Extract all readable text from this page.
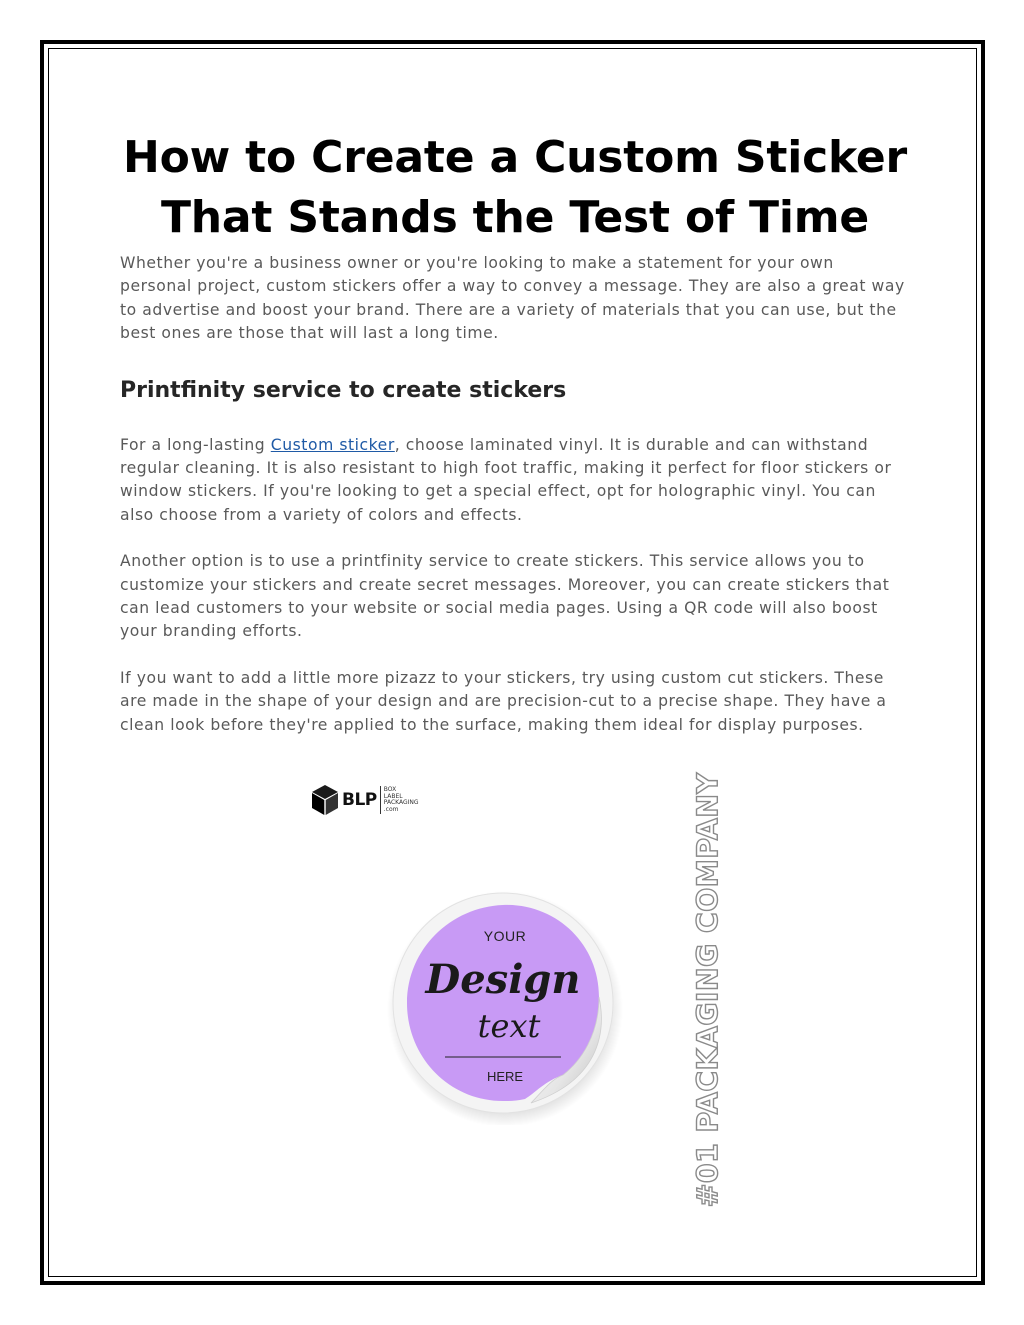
How to Create a Custom Sticker
That Stands the Test of Time

Whether you're a business owner or you're looking to make a statement for your own personal project, custom stickers offer a way to convey a message. They are also a great way to advertise and boost your brand. There are a variety of materials that you can use, but the best ones are those that will last a long time.

Printfinity service to create stickers

For a long-lasting Custom sticker, choose laminated vinyl. It is durable and can withstand regular cleaning. It is also resistant to high foot traffic, making it perfect for floor stickers or window stickers. If you're looking to get a special effect, opt for holographic vinyl. You can also choose from a variety of colors and effects.

Another option is to use a printfinity service to create stickers. This service allows you to customize your stickers and create secret messages. Moreover, you can create stickers that can lead customers to your website or social media pages. Using a QR code will also boost your branding efforts.

If you want to add a little more pizazz to your stickers, try using custom cut stickers. These are made in the shape of your design and are precision-cut to a precise shape. They have a clean look before they're applied to the surface, making them ideal for display purposes.

BLP
BOX
LABEL
PACKAGING
.com
YOUR
Design
text
HERE	#01 PACKAGING COMPANY
